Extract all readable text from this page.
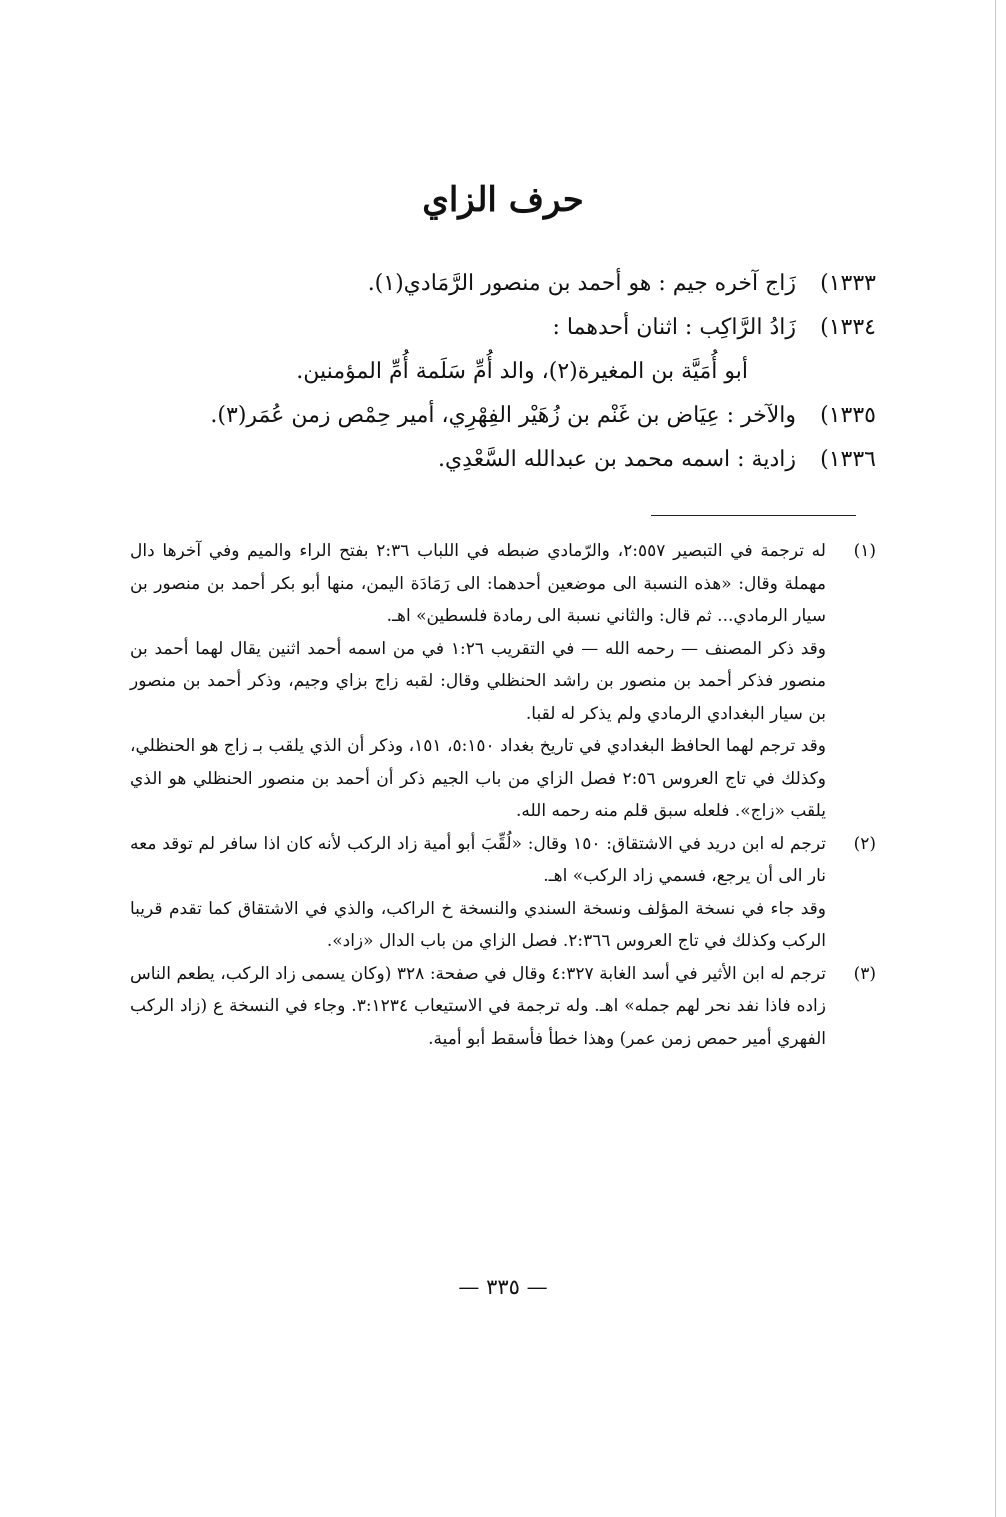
حرف الزاي
١٣٣٣)
زَاج آخره جيم : هو أحمد بن منصور الرَّمَادي(١).
١٣٣٤)
زَادُ الرَّاكِب : اثنان أحدهما :
أبو أُمَيَّة بن المغيرة(٢)، والد أُمِّ سَلَمة أُمِّ المؤمنين.
١٣٣٥)
والآخر : عِيَاض بن غَنْم بن زُهَيْر الفِهْرِي، أمير حِمْص زمن عُمَر(٣).
١٣٣٦)
زادية : اسمه محمد بن عبدالله السَّعْدِي.
(١)

له ترجمة في التبصير ٢:٥٥٧، والرّمادي ضبطه في اللباب ٢:٣٦ بفتح الراء والميم وفي آخرها دال مهملة وقال: «هذه النسبة الى موضعين أحدهما: الى رَمَادَة اليمن، منها أبو بكر أحمد بن منصور بن سيار الرمادي... ثم قال: والثاني نسبة الى رمادة فلسطين» اهـ.

وقد ذكر المصنف — رحمه الله — في التقريب ١:٢٦ في من اسمه أحمد اثنين يقال لهما أحمد بن منصور فذكر أحمد بن منصور بن راشد الحنظلي وقال: لقبه زاج بزاي وجيم، وذكر أحمد بن منصور بن سيار البغدادي الرمادي ولم يذكر له لقبا.

وقد ترجم لهما الحافظ البغدادي في تاريخ بغداد ٥:١٥٠، ١٥١، وذكر أن الذي يلقب بـ زاج هو الحنظلي، وكذلك في تاج العروس ٢:٥٦ فصل الزاي من باب الجيم ذكر أن أحمد بن منصور الحنظلي هو الذي يلقب «زاج». فلعله سبق قلم منه رحمه الله.

(٢)

ترجم له ابن دريد في الاشتقاق: ١٥٠ وقال: «لُقِّبَ أبو أمية زاد الركب لأنه كان اذا سافر لم توقد معه نار الى أن يرجع، فسمي زاد الركب» اهـ.

وقد جاء في نسخة المؤلف ونسخة السندي والنسخة خ الراكب، والذي في الاشتقاق كما تقدم قريبا الركب وكذلك في تاج العروس ٢:٣٦٦. فصل الزاي من باب الدال «زاد».

(٣)

ترجم له ابن الأثير في أسد الغابة ٤:٣٢٧ وقال في صفحة: ٣٢٨ (وكان يسمى زاد الركب، يطعم الناس زاده فاذا نفد نحر لهم جمله» اهـ. وله ترجمة في الاستيعاب ٣:١٢٣٤. وجاء في النسخة ع (زاد الركب الفهري أمير حمص زمن عمر) وهذا خطأ فأسقط أبو أمية.

— ٣٣٥ —
